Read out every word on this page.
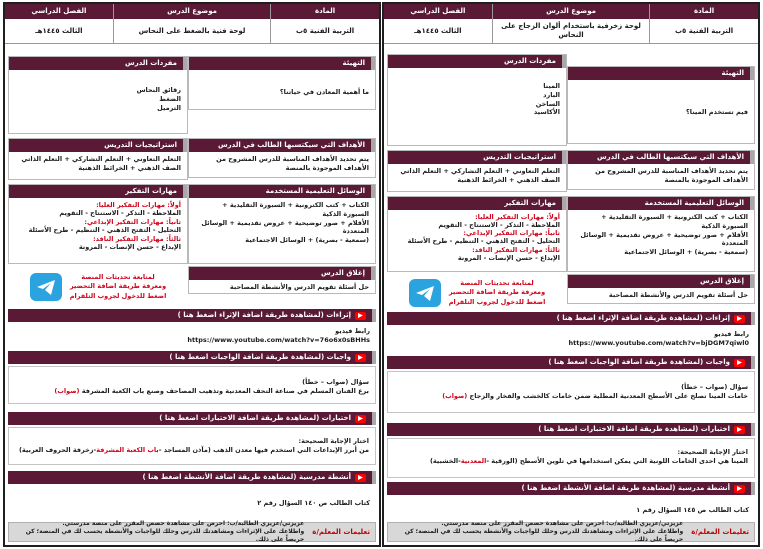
المادة
التربية الفنية ٥ب
موضوع الدرس
لوحة فنية بالضغط على النحاس
الفصل الدراسي
الثالث ١٤٤٥هـ
التهيئة
ما أهمية المعادن في حياتنا؟
الأهداف التي سيكتسبها الطالب في الدرس
يتم تحديد الأهداف المناسبة للدرس المشروح من الأهداف الموجودة بالمنصة
الوسائل التعليمية المستخدمة
الكتاب + كتب الكترونية + السبورة التقليدية + السبورة الذكية
الأقلام + صور توضيحية + عروض تقديمية + الوسائل المتعددة
(سمعية - بصرية) + الوسائل الاجتماعية
إغلاق الدرس
حل أسئلة تقويم الدرس والأنشطة المصاحبة
مفردات الدرس
رقائق النحاس
الضغط
الترميل
استراتيجيات التدريس
التعلم التعاوني + التعلم التشاركي + التعلم الذاتي
الصف الذهني + الخرائط الذهنية
مهارات التفكير
أولاً: مهارات التفكير العليا:
الملاحظة - التذكر - الاستنتاج - التقويم
ثانياً: مهارات التفكير الإبداعي:
التحليل - التفتح الذهني - التنظيم - طرح الأسئلة
ثالثاً: مهارات التفكير الناقد:
الإبداع - حسن الإنصات - المرونة
لمتابعة تحديثات المنصة
ومعرفة طريقة اضافة التحضير
اضغط للدخول لجروب التلقرام
إثراءات (لمشاهدة طريقة اضافة الإثراء اضغط هنا )
رابط فيديو
https://www.youtube.com/watch?v=76o6x0sBHHs
واجبات (لمشاهدة طريقة اضافة الواجبات اضغط هنا )
سؤال (صواب – خطأ)
برع الفنان المسلم في صناعة التحف المعدنية وتذهيب المصاحف وصنع باب الكعبة المشرفة (صواب)
اختبارات (لمشاهدة طريقة اضافة الاختبارات اضغط هنا )
اختار الإجابة الصحيحة:
من أبرز الإبداعات التي استخدم فيها معدن الذهب (مآذن المساجد -باب الكعبة المشرفة-زخرفة الحروف العربية)
أنشطة مدرسية (لمشاهدة طريقة اضافة الأنشطة اضغط هنا )
كتاب الطالب ص ١٤٠ السؤال رقم ٢
تعليمات المعلم/ة
عزيزتي/عزيزي الطالبة/ب: احرص على مشاهدة حصص المقرر على منصة مدرستي.
واطلاعك على الإثراءات ومشاهدتك للدرس وحلك للواجبات والأنشطة يحسب لك في المنصة؛ كن حريصاً على ذلك.
المادة
التربية الفنية ٥ب
موضوع الدرس
لوحة زخرفية باستخدام ألوان الزجاج على النحاس
الفصل الدراسي
الثالث ١٤٤٥هـ
التهيئة
فيم تستخدم المينا؟
الأهداف التي سيكتسبها الطالب في الدرس
يتم تحديد الأهداف المناسبة للدرس المشروح من الأهداف الموجودة بالمنصة
الوسائل التعليمية المستخدمة
الكتاب + كتب الكترونية + السبورة التقليدية + السبورة الذكية
الأقلام + صور توضيحية + عروض تقديمية + الوسائل المتعددة
(سمعية - بصرية) + الوسائل الاجتماعية
إغلاق الدرس
حل أسئلة تقويم الدرس والأنشطة المصاحبة
مفردات الدرس
المينا
البارد
الساخن
الأكاسيد
استراتيجيات التدريس
التعلم التعاوني + التعلم التشاركي + التعلم الذاتي
الصف الذهني + الخرائط الذهنية
مهارات التفكير
أولاً: مهارات التفكير العليا:
الملاحظة - التذكر - الاستنتاج - التقويم
ثانياً: مهارات التفكير الإبداعي:
التحليل - التفتح الذهني - التنظيم - طرح الأسئلة
ثالثاً: مهارات التفكير الناقد:
الإبداع - حسن الإنصات - المرونة
لمتابعة تحديثات المنصة
ومعرفة طريقة اضافة التحضير
اضغط للدخول لجروب التلقرام
إثراءات (لمشاهدة طريقة اضافة الإثراء اضغط هنا )
رابط فيديو
https://www.youtube.com/watch?v=bjDGM7qiwl0
واجبات (لمشاهدة طريقة اضافة الواجبات اضغط هنا )
سؤال (صواب – خطأ)
خامات المينا تصلح على الأسطح المعدنية المطلية ضمن خامات كالخشب والفخار والزجاج (صواب)
اختبارات (لمشاهدة طريقة اضافة الاختبارات اضغط هنا )
اختار الإجابة الصحيحة:
المينا هي احدى الخامات اللونية التي يمكن استخدامها في تلوين الأسطح (الورقية -المعدنية-الخشبية)
أنشطة مدرسية (لمشاهدة طريقة اضافة الأنشطة اضغط هنا )
كتاب الطالب ص ١٤٥ السؤال رقم ١
تعليمات المعلم/ة
عزيزتي/عزيزي الطالبة/ب: احرص على مشاهدة حصص المقرر على منصة مدرستي.
واطلاعك على الإثراءات ومشاهدتك للدرس وحلك للواجبات والأنشطة يحسب لك في المنصة؛ كن حريصاً على ذلك.
